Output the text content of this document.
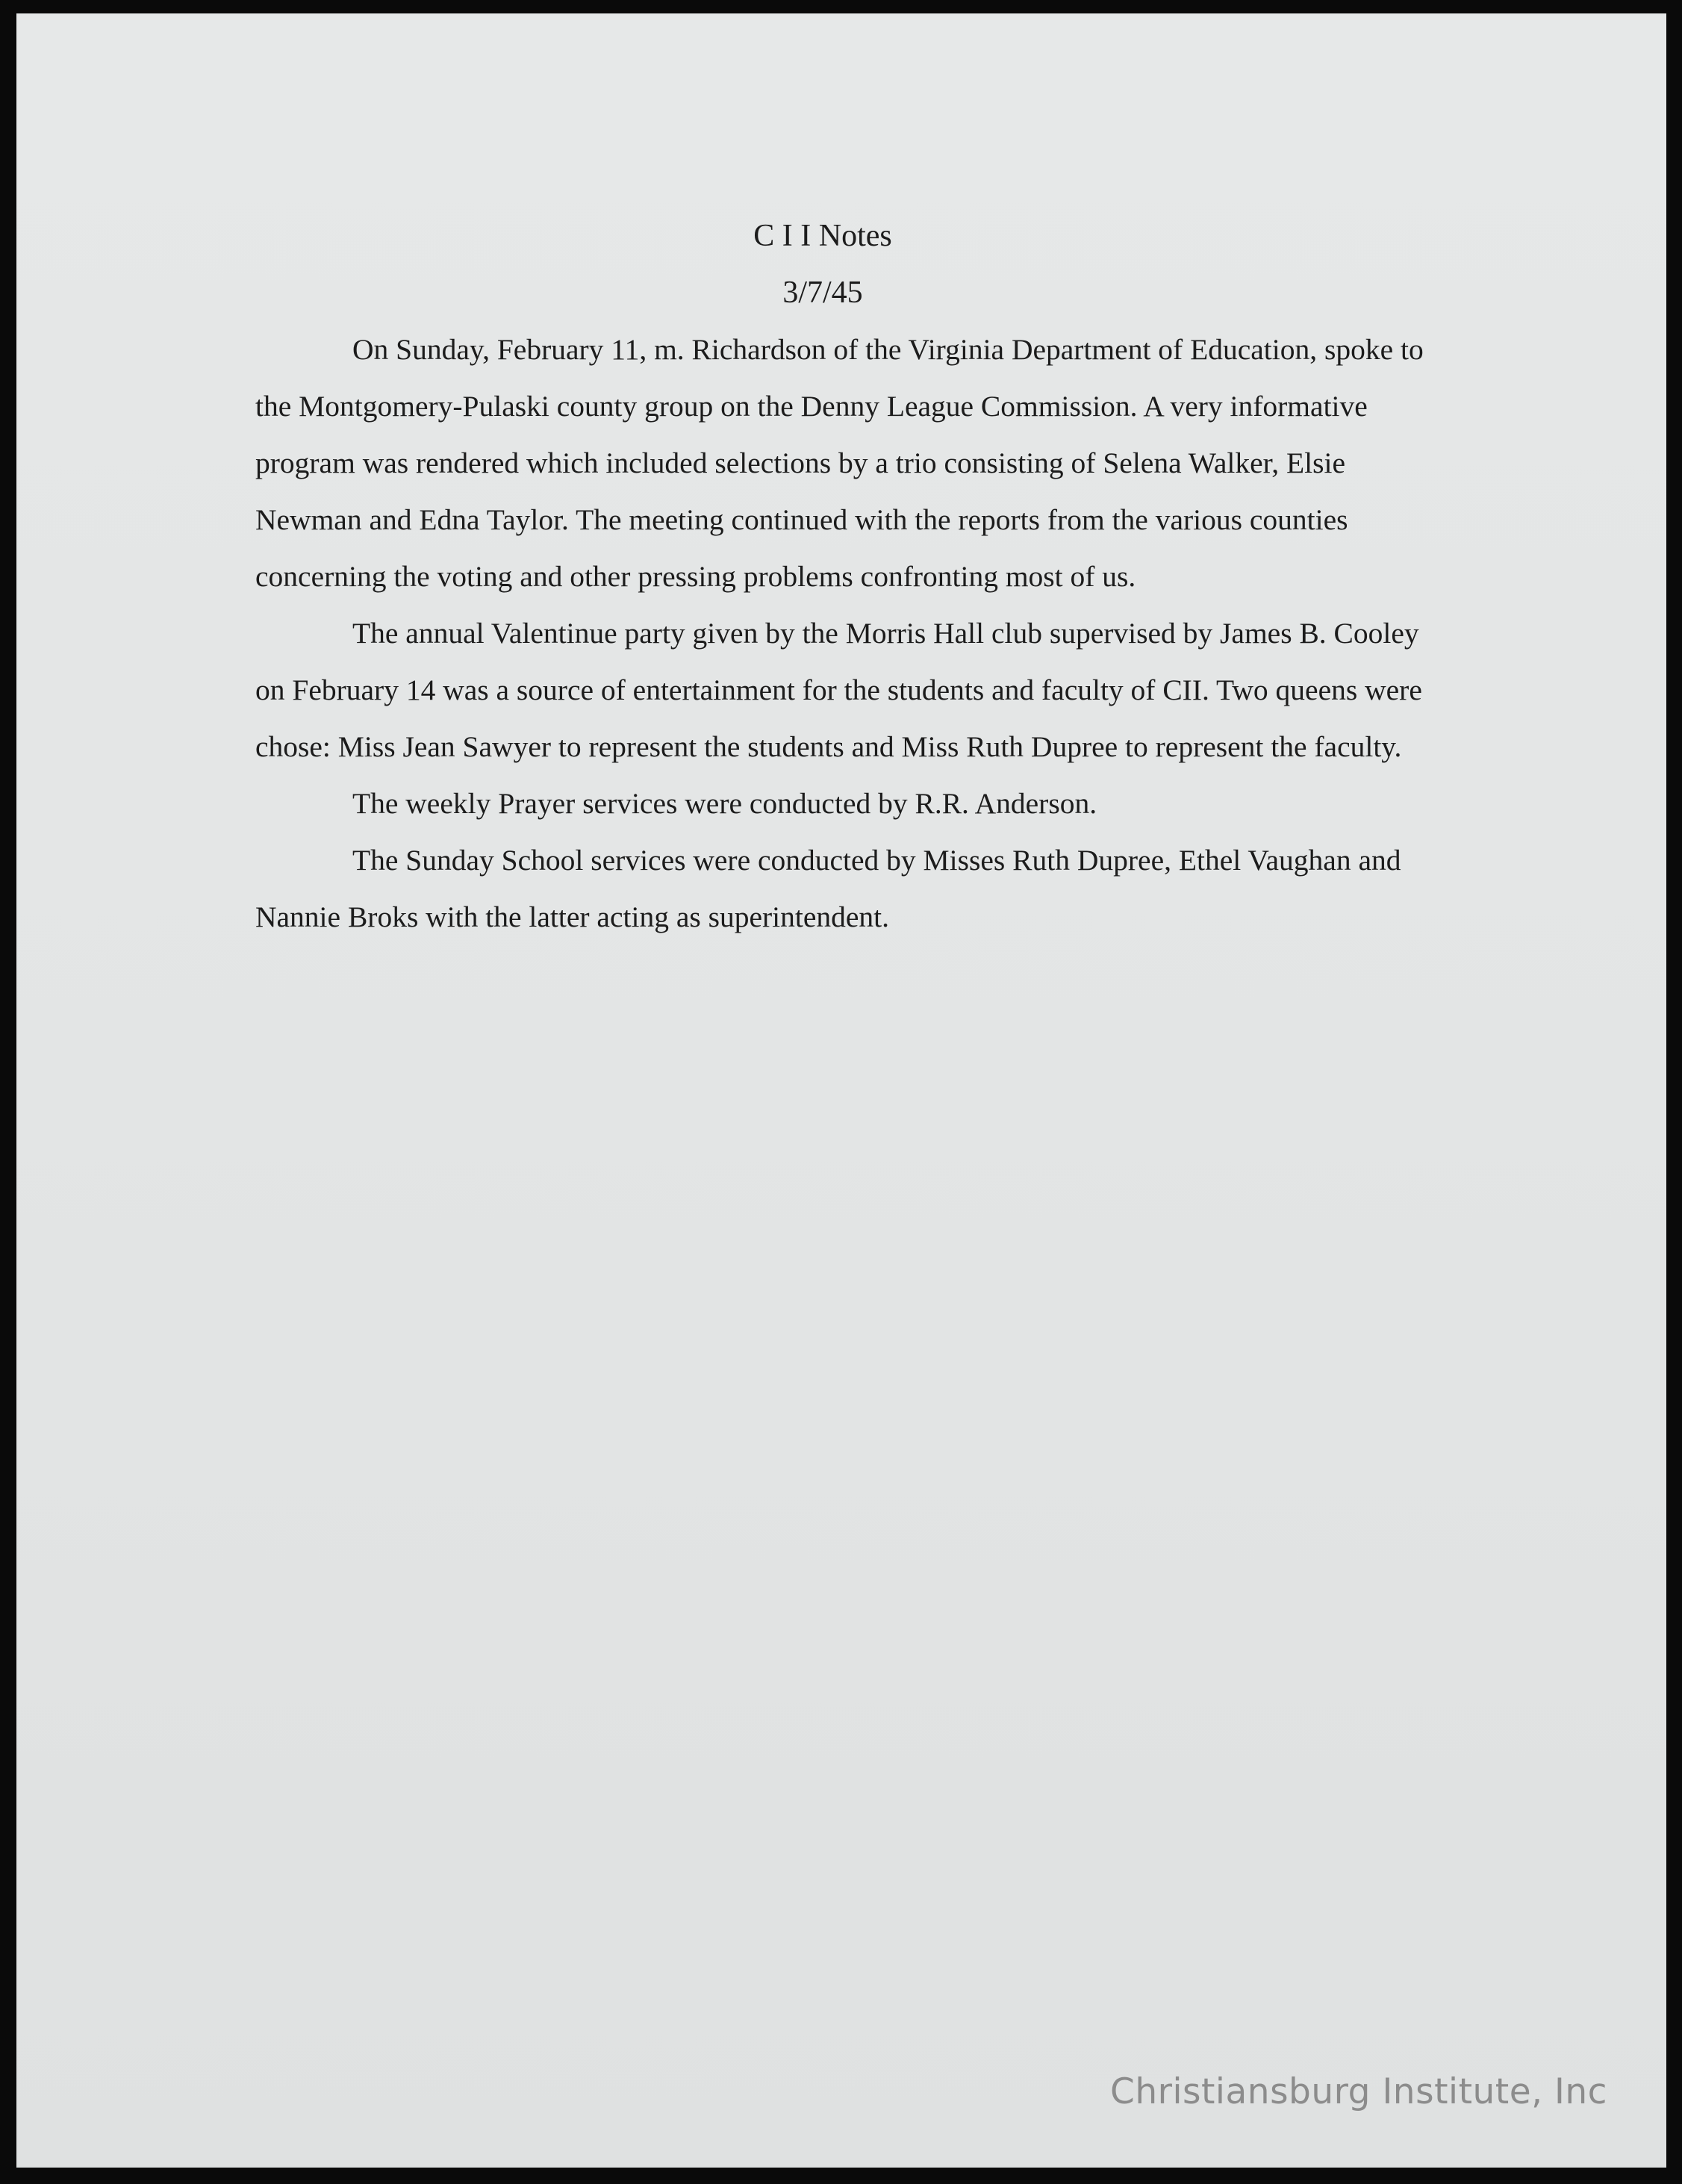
C I I Notes

3/7/45

On Sunday, February 11, m. Richardson of the Virginia Department of Education, spoke to the Montgomery-Pulaski county group on the Denny League Commission. A very informative program was rendered which included selections by a trio consisting of Selena Walker, Elsie Newman and Edna Taylor. The meeting continued with the reports from the various counties concerning the voting and other pressing problems confronting most of us.

The annual Valentinue party given by the Morris Hall club supervised by James B. Cooley on February 14 was a source of entertainment for the students and faculty of CII. Two queens were chose: Miss Jean Sawyer to represent the students and Miss Ruth Dupree to represent the faculty.

The weekly Prayer services were conducted by R.R. Anderson.

The Sunday School services were conducted by Misses Ruth Dupree, Ethel Vaughan and Nannie Broks with the latter acting as superintendent.

Christiansburg Institute, Inc
